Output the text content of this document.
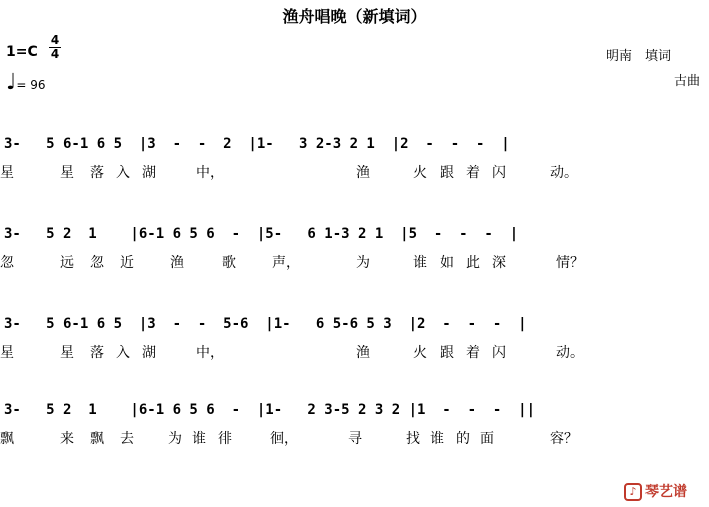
渔舟唱晚（新填词）
1=C
4
4
♩= 96
明南　填词
古曲
3-   5 6-1 6 5  |3  -  -  2  |1-   3 2-3 2 1  |2  -  -  -  |
星	星 落 入 湖	中，	渔	火 跟 着 闪	动。
3-   5 2  1    |6-1 6 5 6  -  |5-   6 1-3 2 1  |5  -  -  -  |
忽	远 忽 近	渔	歌	声，	为	谁 如 此 深	情？
3-   5 6-1 6 5  |3  -  -  5-6  |1-   6 5-6 5 3  |2  -  -  -  |
星	星 落 入 湖	中，	渔	火 跟 着 闪	动。
3-   5 2  1    |6-1 6 5 6  -  |1-   2 3-5 2 3 2 |1  -  -  -  ||
飘	来 飘 去 为 谁 徘	徊，	寻	找 谁 的 面	容？
♪ 琴艺谱
